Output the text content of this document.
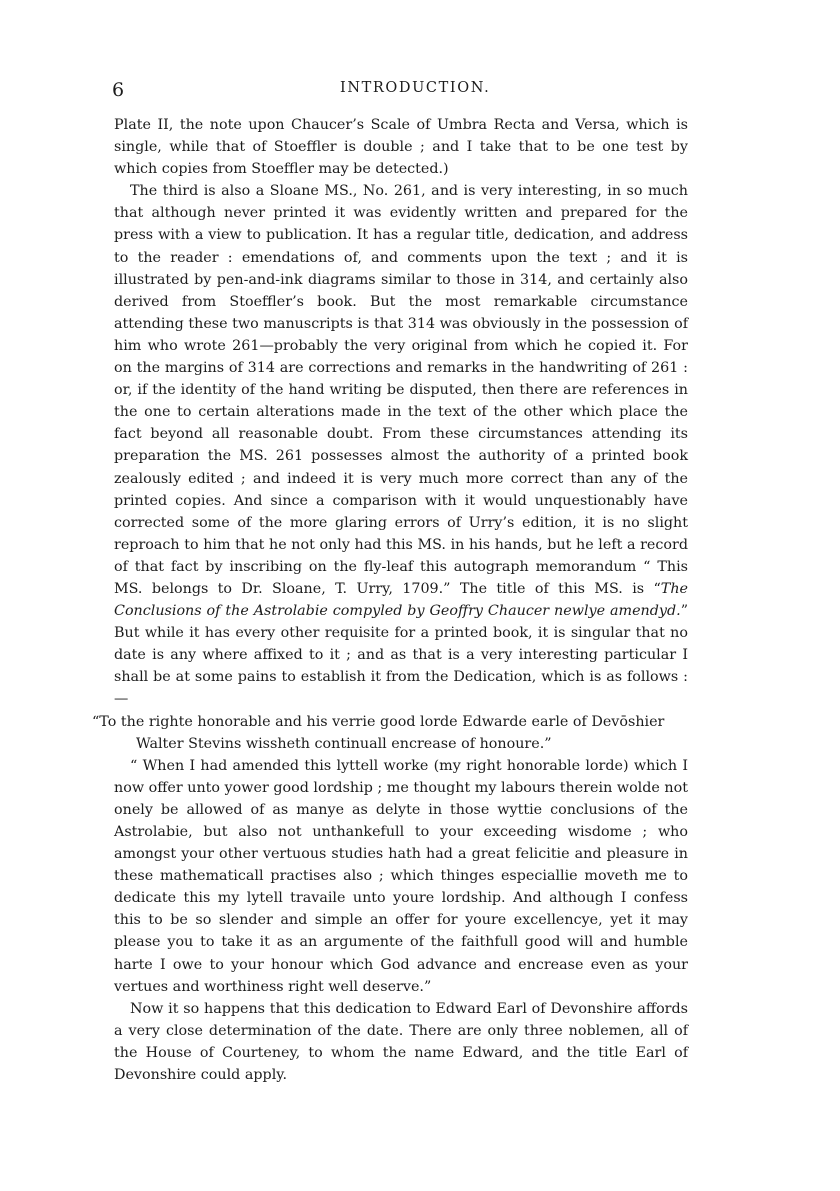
6	INTRODUCTION.

Plate II, the note upon Chaucer’s Scale of Umbra Recta and Versa, which is single, while that of Stoeffler is double ; and I take that to be one test by which copies from Stoeffler may be detected.)

The third is also a Sloane MS., No. 261, and is very interesting, in so much that although never printed it was evidently written and prepared for the press with a view to publication. It has a regular title, dedication, and address to the reader : emendations of, and comments upon the text ; and it is illustrated by pen-and-ink diagrams similar to those in 314, and certainly also derived from Stoeffler’s book. But the most remarkable circumstance attending these two manuscripts is that 314 was obviously in the possession of him who wrote 261—probably the very original from which he copied it. For on the margins of 314 are corrections and remarks in the handwriting of 261 : or, if the identity of the hand writing be disputed, then there are references in the one to certain alterations made in the text of the other which place the fact beyond all reasonable doubt. From these circumstances attending its preparation the MS. 261 possesses almost the authority of a printed book zealously edited ; and indeed it is very much more correct than any of the printed copies. And since a comparison with it would unquestionably have corrected some of the more glaring errors of Urry’s edition, it is no slight reproach to him that he not only had this MS. in his hands, but he left a record of that fact by inscribing on the fly-leaf this autograph memorandum “ This MS. belongs to Dr. Sloane, T. Urry, 1709.” The title of this MS. is “The Conclusions of the Astrolabie compyled by Geoffry Chaucer newlye amendyd.” But while it has every other requisite for a printed book, it is singular that no date is any where affixed to it ; and as that is a very interesting particular I shall be at some pains to establish it from the Dedication, which is as follows :—

“To the righte honorable and his verrie good lorde Edwarde earle of Devōshier

Walter Stevins wissheth continuall encrease of honoure.”

“ When I had amended this lyttell worke (my right honorable lorde) which I now offer unto yower good lordship ; me thought my labours therein wolde not onely be allowed of as manye as delyte in those wyttie conclusions of the Astrolabie, but also not unthankefull to your exceeding wisdome ; who amongst your other vertuous studies hath had a great felicitie and pleasure in these mathematicall practises also ; which thinges especiallie moveth me to dedicate this my lytell travaile unto youre lordship. And although I confess this to be so slender and simple an offer for youre excellencye, yet it may please you to take it as an argumente of the faithfull good will and humble harte I owe to your honour which God advance and encrease even as your vertues and worthiness right well deserve.”

Now it so happens that this dedication to Edward Earl of Devonshire affords a very close determination of the date. There are only three noblemen, all of the House of Courteney, to whom the name Edward, and the title Earl of Devonshire could apply.
